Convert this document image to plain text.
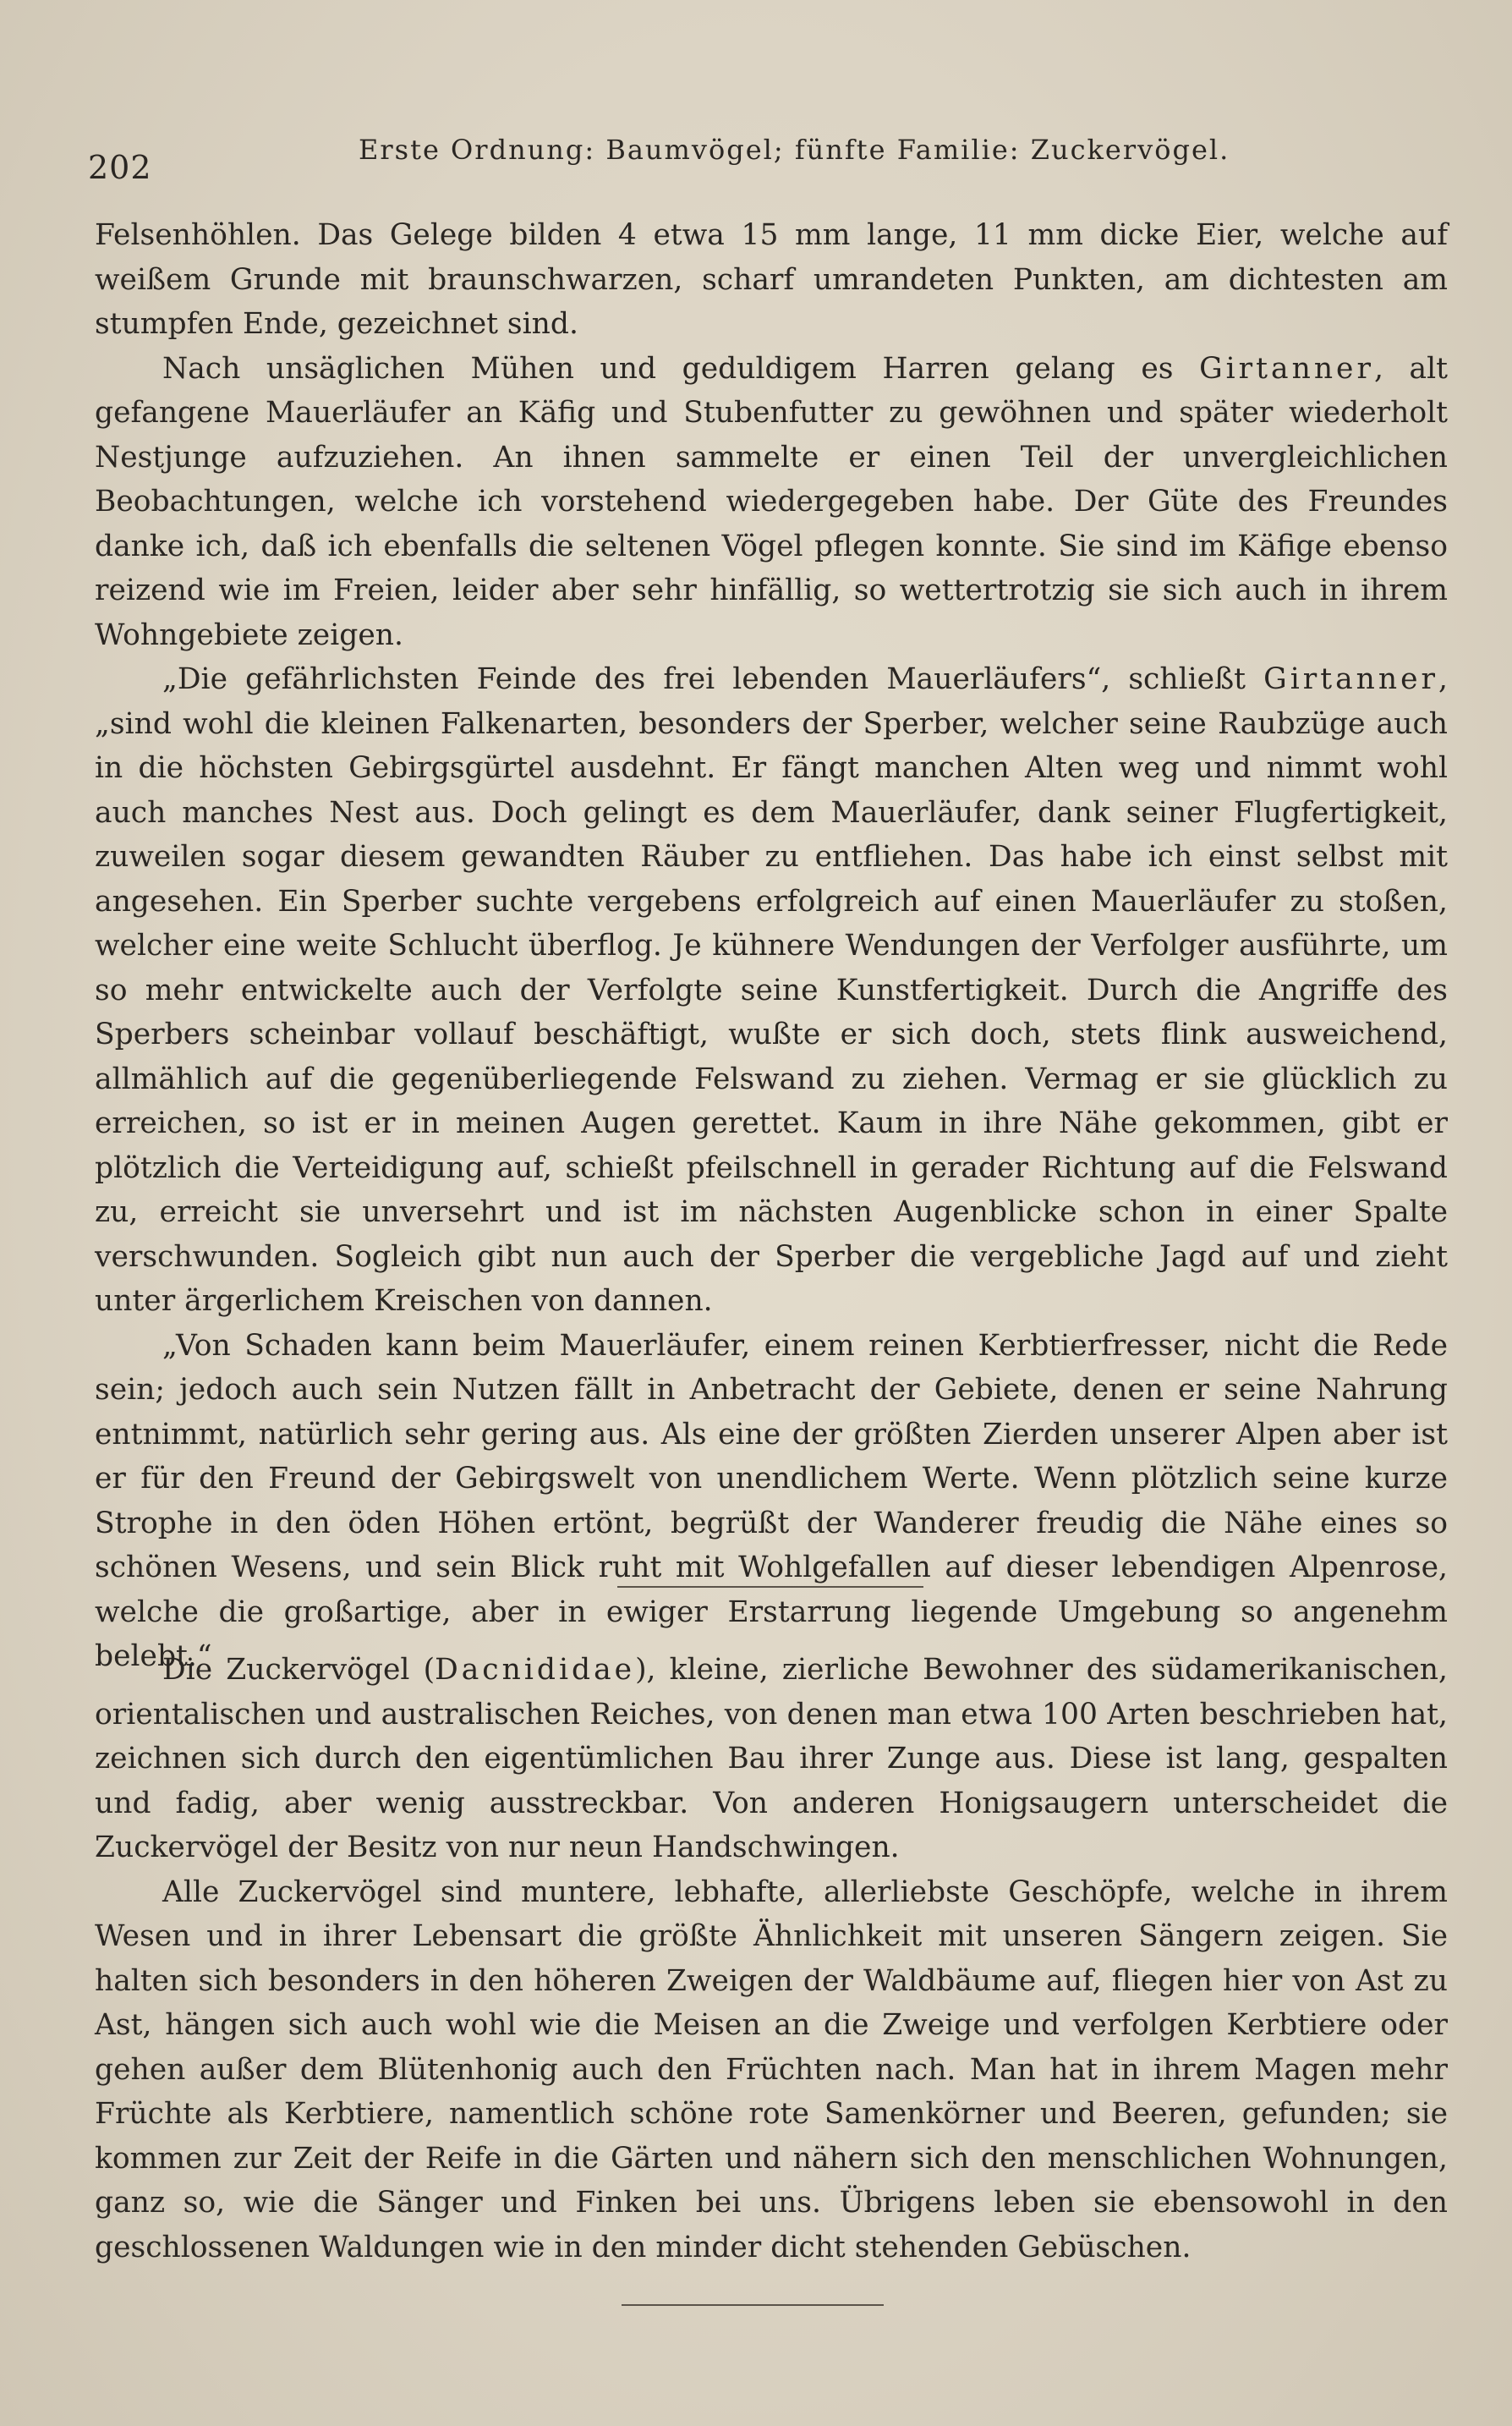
202	Erste Ordnung: Baumvögel; fünfte Familie: Zuckervögel.

Felsenhöhlen. Das Gelege bilden 4 etwa 15 mm lange, 11 mm dicke Eier, welche auf weißem Grunde mit braunschwarzen, scharf umrandeten Punkten, am dichtesten am stumpfen Ende, gezeichnet sind.

Nach unsäglichen Mühen und geduldigem Harren gelang es Girtanner, alt gefangene Mauerläufer an Käfig und Stubenfutter zu gewöhnen und später wiederholt Nestjunge aufzuziehen. An ihnen sammelte er einen Teil der unvergleichlichen Beobachtungen, welche ich vorstehend wiedergegeben habe. Der Güte des Freundes danke ich, daß ich ebenfalls die seltenen Vögel pflegen konnte. Sie sind im Käfige ebenso reizend wie im Freien, leider aber sehr hinfällig, so wettertrotzig sie sich auch in ihrem Wohngebiete zeigen.

„Die gefährlichsten Feinde des frei lebenden Mauerläufers“, schließt Girtanner, „sind wohl die kleinen Falkenarten, besonders der Sperber, welcher seine Raubzüge auch in die höchsten Gebirgsgürtel ausdehnt. Er fängt manchen Alten weg und nimmt wohl auch manches Nest aus. Doch gelingt es dem Mauerläufer, dank seiner Flugfertigkeit, zuweilen sogar diesem gewandten Räuber zu entfliehen. Das habe ich einst selbst mit angesehen. Ein Sperber suchte vergebens erfolgreich auf einen Mauerläufer zu stoßen, welcher eine weite Schlucht überflog. Je kühnere Wendungen der Verfolger ausführte, um so mehr entwickelte auch der Verfolgte seine Kunstfertigkeit. Durch die Angriffe des Sperbers scheinbar vollauf beschäftigt, wußte er sich doch, stets flink ausweichend, allmählich auf die gegenüberliegende Felswand zu ziehen. Vermag er sie glücklich zu erreichen, so ist er in meinen Augen gerettet. Kaum in ihre Nähe gekommen, gibt er plötzlich die Verteidigung auf, schießt pfeilschnell in gerader Richtung auf die Felswand zu, erreicht sie unversehrt und ist im nächsten Augenblicke schon in einer Spalte verschwunden. Sogleich gibt nun auch der Sperber die vergebliche Jagd auf und zieht unter ärgerlichem Kreischen von dannen.

„Von Schaden kann beim Mauerläufer, einem reinen Kerbtierfresser, nicht die Rede sein; jedoch auch sein Nutzen fällt in Anbetracht der Gebiete, denen er seine Nahrung entnimmt, natürlich sehr gering aus. Als eine der größten Zierden unserer Alpen aber ist er für den Freund der Gebirgswelt von unendlichem Werte. Wenn plötzlich seine kurze Strophe in den öden Höhen ertönt, begrüßt der Wanderer freudig die Nähe eines so schönen Wesens, und sein Blick ruht mit Wohlgefallen auf dieser lebendigen Alpenrose, welche die großartige, aber in ewiger Erstarrung liegende Umgebung so angenehm belebt.“

Die Zuckervögel (Dacnididae), kleine, zierliche Bewohner des südamerikanischen, orientalischen und australischen Reiches, von denen man etwa 100 Arten beschrieben hat, zeichnen sich durch den eigentümlichen Bau ihrer Zunge aus. Diese ist lang, gespalten und fadig, aber wenig ausstreckbar. Von anderen Honigsaugern unterscheidet die Zuckervögel der Besitz von nur neun Handschwingen.

Alle Zuckervögel sind muntere, lebhafte, allerliebste Geschöpfe, welche in ihrem Wesen und in ihrer Lebensart die größte Ähnlichkeit mit unseren Sängern zeigen. Sie halten sich besonders in den höheren Zweigen der Waldbäume auf, fliegen hier von Ast zu Ast, hängen sich auch wohl wie die Meisen an die Zweige und verfolgen Kerbtiere oder gehen außer dem Blütenhonig auch den Früchten nach. Man hat in ihrem Magen mehr Früchte als Kerbtiere, namentlich schöne rote Samenkörner und Beeren, gefunden; sie kommen zur Zeit der Reife in die Gärten und nähern sich den menschlichen Wohnungen, ganz so, wie die Sänger und Finken bei uns. Übrigens leben sie ebensowohl in den geschlossenen Waldungen wie in den minder dicht stehenden Gebüschen.
